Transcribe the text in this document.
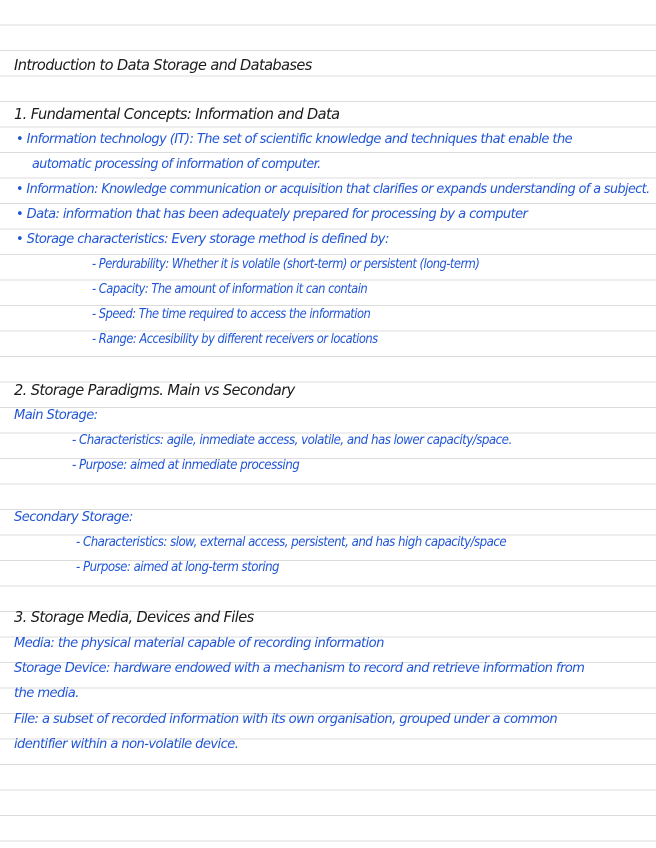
Introduction to Data Storage and Databases
1. Fundamental Concepts: Information and Data
• Information technology (IT): The set of scientific knowledge and techniques that enable the
automatic processing of information of computer.
• Information: Knowledge communication or acquisition that clarifies or expands understanding of a subject.
• Data: information that has been adequately prepared for processing by a computer
• Storage characteristics: Every storage method is defined by:
- Perdurability: Whether it is volatile (short-term) or persistent (long-term)
- Capacity: The amount of information it can contain
- Speed: The time required to access the information
- Range: Accesibility by different receivers or locations
2. Storage Paradigms. Main vs Secondary
Main Storage:
- Characteristics: agile, inmediate access, volatile, and has lower capacity/space.
- Purpose: aimed at inmediate processing
Secondary Storage:
- Characteristics: slow, external access, persistent, and has high capacity/space
- Purpose: aimed at long-term storing
3. Storage Media, Devices and Files
Media: the physical material capable of recording information
Storage Device: hardware endowed with a mechanism to record and retrieve information from
the media.
File: a subset of recorded information with its own organisation, grouped under a common
identifier within a non-volatile device.
